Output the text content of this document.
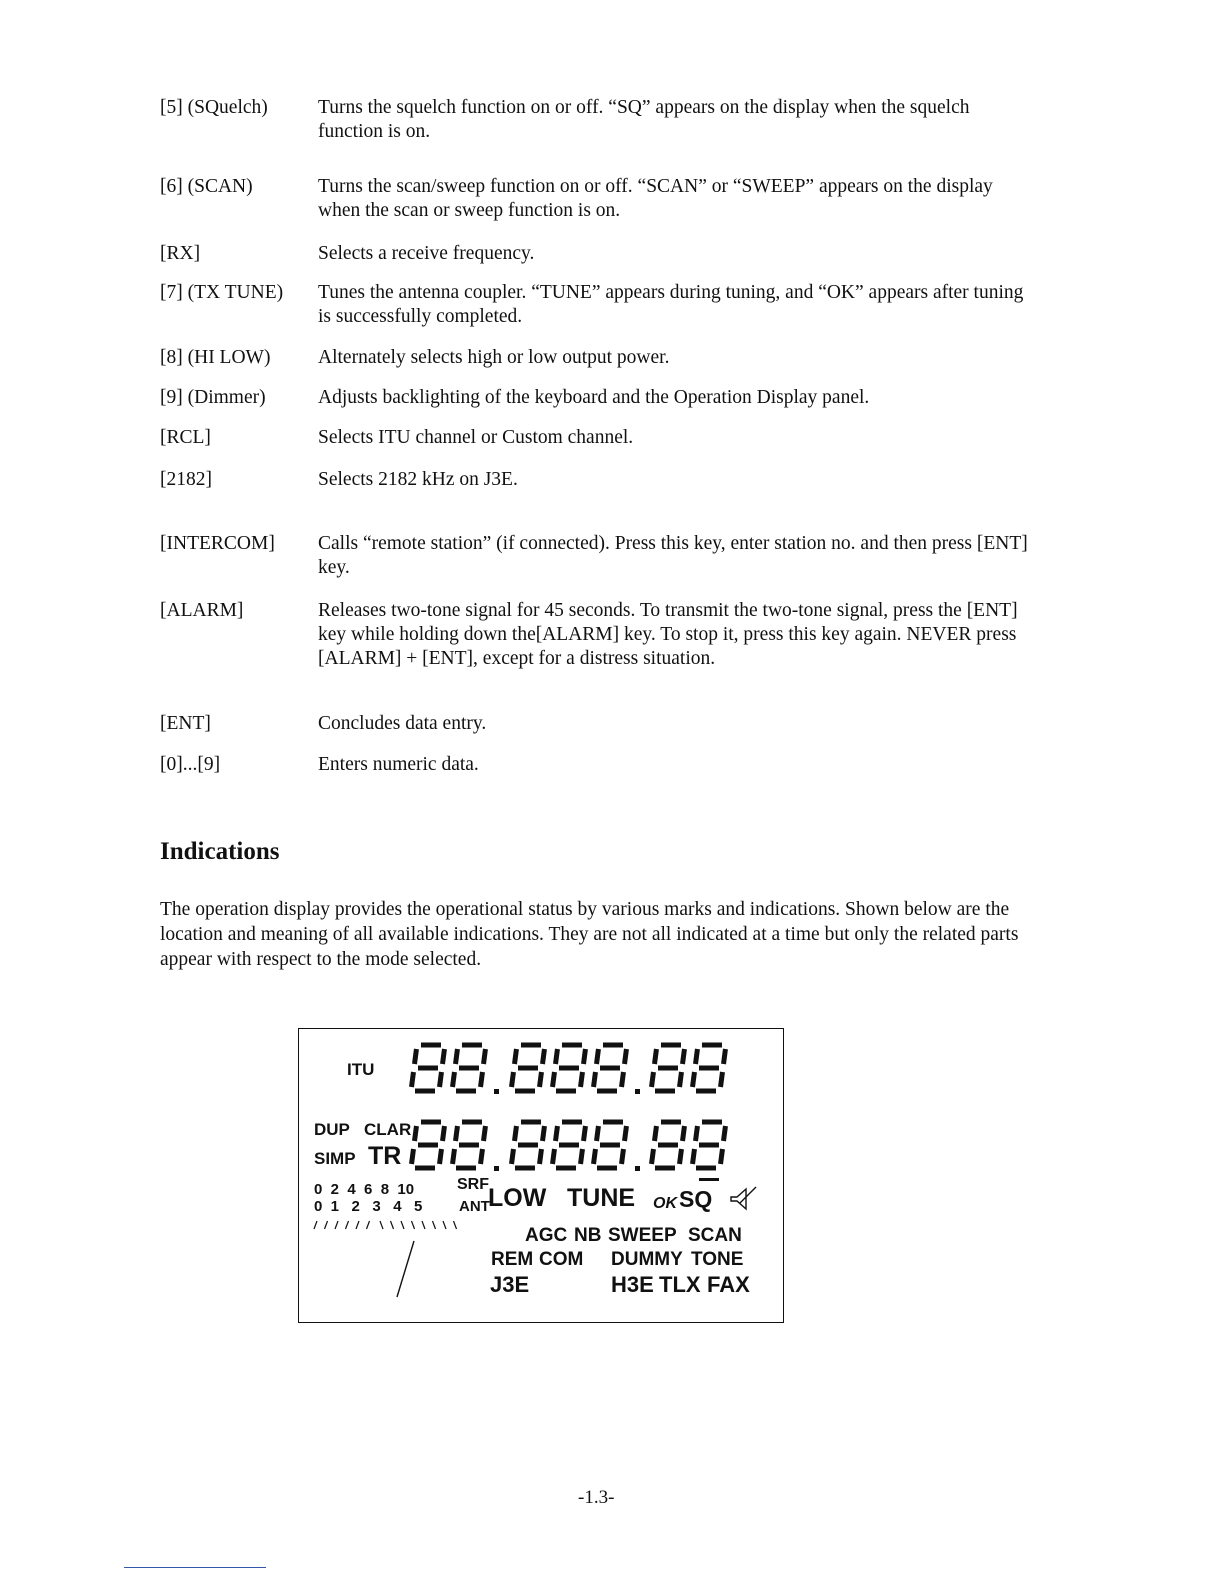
[5] (SQuelch)	Turns the squelch function on or off. “SQ” appears on the display when the squelch function is on.
[6] (SCAN)	Turns the scan/sweep function on or off. “SCAN” or “SWEEP” appears on the display when the scan or sweep function is on.
[RX]	Selects a receive frequency.
[7] (TX TUNE)	Tunes the antenna coupler. “TUNE” appears during tuning, and “OK” appears after tuning is successfully completed.
[8] (HI LOW)	Alternately selects high or low output power.
[9] (Dimmer)	Adjusts backlighting of the keyboard and the Operation Display panel.
[RCL]	Selects ITU channel or Custom channel.
[2182]	Selects 2182 kHz on J3E.
[INTERCOM]	Calls “remote station” (if connected). Press this key, enter station no. and then press [ENT] key.
[ALARM]	Releases two-tone signal for 45 seconds. To transmit the two-tone signal, press the [ENT] key while holding down the[ALARM] key. To stop it, press this key again. NEVER press [ALARM] + [ENT], except for a distress situation.
[ENT]	Concludes data entry.
[0]...[9]	Enters numeric data.
Indications

The operation display provides the operational status by various marks and indications. Shown below are the location and meaning of all available indications. They are not all indicated at a time but only the related parts appear with respect to the mode selected.

ITU
DUP CLAR
SIMP TR
0  2  4  6  8  10	SRF
0  1   2   3   4   5 ANT
LOW TUNE OK SQ
AGC NB SWEEP SCAN
REM COM DUMMY TONE
J3E	H3E TLX FAX
-1.3-
